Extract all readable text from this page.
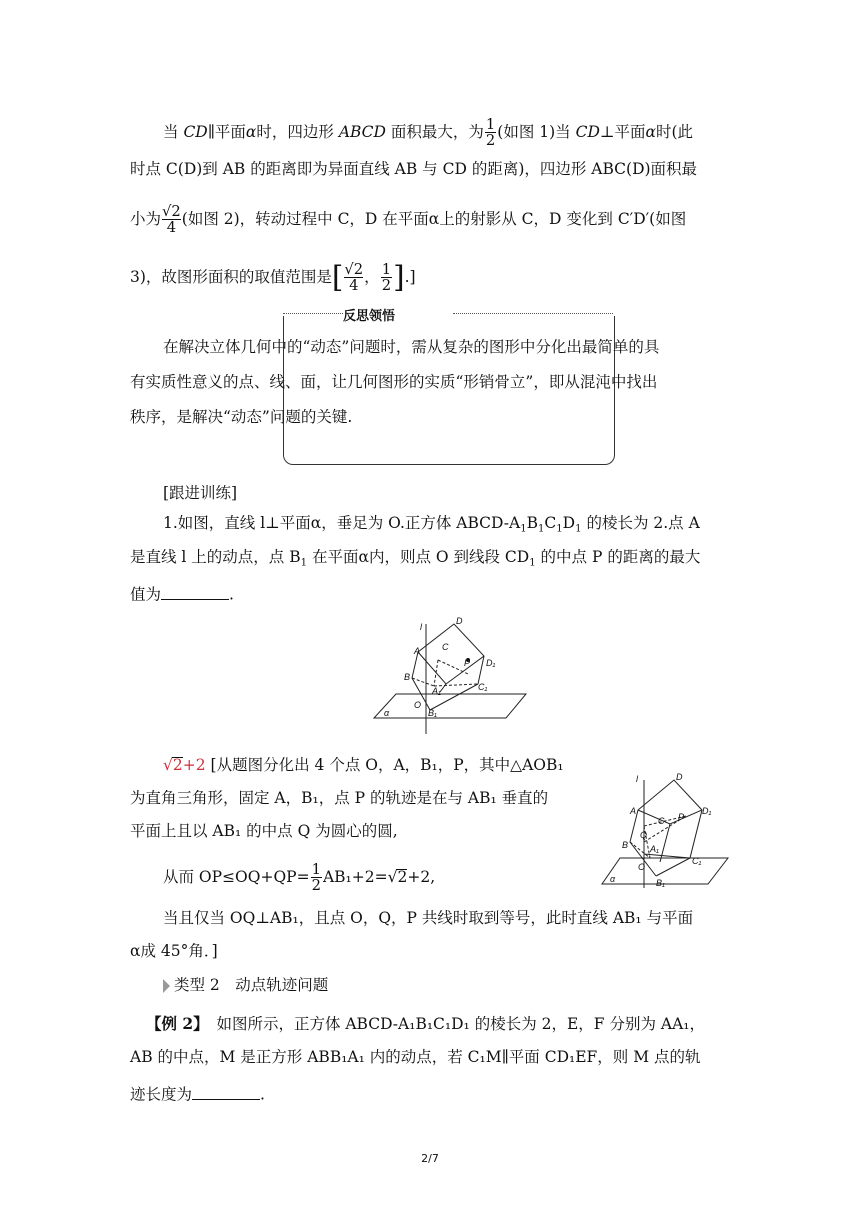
当 CD∥平面α时，四边形 ABCD 面积最大，为 $\frac{1}{2}$ (如图 1)当 CD⊥平面α时(此
时点 C(D)到 AB 的距离即为异面直线 AB 与 CD 的距离)，四边形 ABC(D)面积最
小为 $\frac{√2}{4}$ (如图 2)，转动过程中 C，D 在平面α上的射影从 C，D 变化到 C′D′(如图
3)，故图形面积的取值范围是[ $\frac{√2}{4}$ ， $\frac{1}{2}$ ].]
反思领悟
在解决立体几何中的“动态”问题时，需从复杂的图形中分化出最简单的具
有实质性意义的点、线、面，让几何图形的实质“形销骨立”，即从混沌中找出
秩序，是解决“动态”问题的关键.
[跟进训练]
1.如图，直线 l⊥平面α，垂足为 O.正方体 ABCD-$A_1B_1C_1D_1$ 的棱长为 2.点 A
是直线 l 上的动点，点 $B_1$ 在平面α内，则点 O 到线段 $CD_1$ 的中点 P 的距离的最大
值为	.
l
D
A C
P D₁
B
A₁	C₁
O
B₁
α
√2+2 [从题图分化出 4 个点 O，A，B₁，P，其中△AOB₁
为直角三角形，固定 A，B₁，点 P 的轨迹是在与 AB₁ 垂直的
平面上且以 AB₁ 的中点 Q 为圆心的圆,
从而 $OP\le OQ+QP= \frac{1}{2} AB_1+2=√2+2$,
当且仅当 OQ⊥AB₁，且点 O，Q，P 共线时取到等号，此时直线 AB₁ 与平面
α成 45°角．]
l	D
A
C P
D₁
B
Q
A₁
C₁
O
B₁
α
类型 2　动点轨迹问题
【例 2】　如图所示，正方体 ABCD-A₁B₁C₁D₁ 的棱长为 2，E，F 分别为 AA₁，
AB 的中点，M 是正方形 ABB₁A₁ 内的动点，若 C₁M∥平面 CD₁EF，则 M 点的轨
迹长度为	.
2/7
